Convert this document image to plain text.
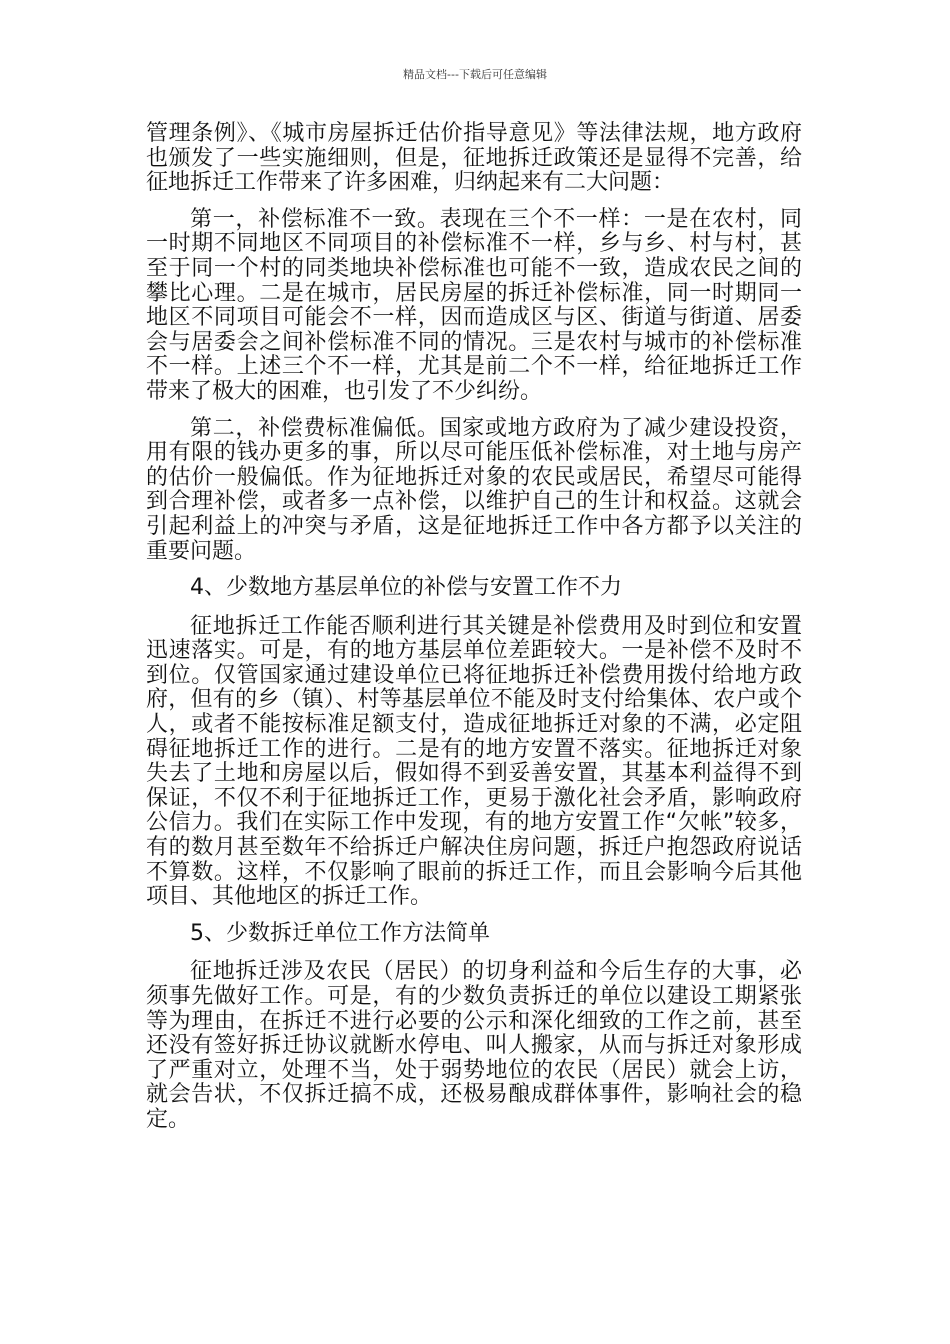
精品文档---下载后可任意编辑

管理条例》、《城市房屋拆迁估价指导意见》等法律法规，地方政府也颁发了一些实施细则，但是，征地拆迁政策还是显得不完善，给征地拆迁工作带来了许多困难，归纳起来有二大问题：

第一，补偿标准不一致。表现在三个不一样：一是在农村，同一时期不同地区不同项目的补偿标准不一样，乡与乡、村与村，甚至于同一个村的同类地块补偿标准也可能不一致，造成农民之间的攀比心理。二是在城市，居民房屋的拆迁补偿标准，同一时期同一地区不同项目可能会不一样，因而造成区与区、街道与街道、居委会与居委会之间补偿标准不同的情况。三是农村与城市的补偿标准不一样。上述三个不一样，尤其是前二个不一样，给征地拆迁工作带来了极大的困难，也引发了不少纠纷。

第二，补偿费标准偏低。国家或地方政府为了减少建设投资，用有限的钱办更多的事，所以尽可能压低补偿标准，对土地与房产的估价一般偏低。作为征地拆迁对象的农民或居民，希望尽可能得到合理补偿，或者多一点补偿，以维护自己的生计和权益。这就会引起利益上的冲突与矛盾，这是征地拆迁工作中各方都予以关注的重要问题。

4、少数地方基层单位的补偿与安置工作不力

征地拆迁工作能否顺利进行其关键是补偿费用及时到位和安置迅速落实。可是，有的地方基层单位差距较大。一是补偿不及时不到位。仅管国家通过建设单位已将征地拆迁补偿费用拨付给地方政府，但有的乡（镇）、村等基层单位不能及时支付给集体、农户或个人，或者不能按标准足额支付，造成征地拆迁对象的不满，必定阻碍征地拆迁工作的进行。二是有的地方安置不落实。征地拆迁对象失去了土地和房屋以后，假如得不到妥善安置，其基本利益得不到保证，不仅不利于征地拆迁工作，更易于激化社会矛盾，影响政府公信力。我们在实际工作中发现，有的地方安置工作“欠帐”较多，有的数月甚至数年不给拆迁户解决住房问题，拆迁户抱怨政府说话不算数。这样，不仅影响了眼前的拆迁工作，而且会影响今后其他项目、其他地区的拆迁工作。

5、少数拆迁单位工作方法简单

征地拆迁涉及农民（居民）的切身利益和今后生存的大事，必须事先做好工作。可是，有的少数负责拆迁的单位以建设工期紧张等为理由，在拆迁不进行必要的公示和深化细致的工作之前，甚至还没有签好拆迁协议就断水停电、叫人搬家，从而与拆迁对象形成了严重对立，处理不当，处于弱势地位的农民（居民）就会上访，就会告状，不仅拆迁搞不成，还极易酿成群体事件，影响社会的稳定。
